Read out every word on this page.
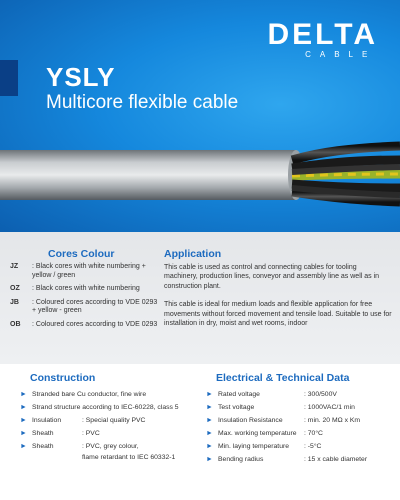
DELTA
CABLE
YSLY
Multicore flexible cable
Cores Colour
JZ	: Black cores with white numbering + yellow / green
OZ	: Black cores with white numbering
JB	: Coloured cores according to VDE 0293 + yellow - green
OB	: Coloured cores according to VDE 0293
Application

This cable is used as control and connecting cables for tooling machinery, production lines, conveyor and assembly line as well as in construction plant.

This cable is ideal for medium loads and flexible application for free movements without forced movement and tensile load. Suitable to use for installation in dry, moist and wet rooms, indoor

Construction
► Stranded bare Cu conductor, fine wire
► Strand structure according to IEC-60228, class 5
► Insulation	: Special quality PVC
► Sheath	: PVC
► Sheath	: PVC, grey colour,
flame retardant to IEC 60332-1
Electrical & Technical Data
► Rated voltage	: 300/500V
► Test voltage	: 1000VAC/1 min
► Insulation Resistance	: min. 20 MΩ x Km
► Max. working temperature	: 70°C
► Min. laying temperature	: -5°C
► Bending radius	: 15 x cable diameter
